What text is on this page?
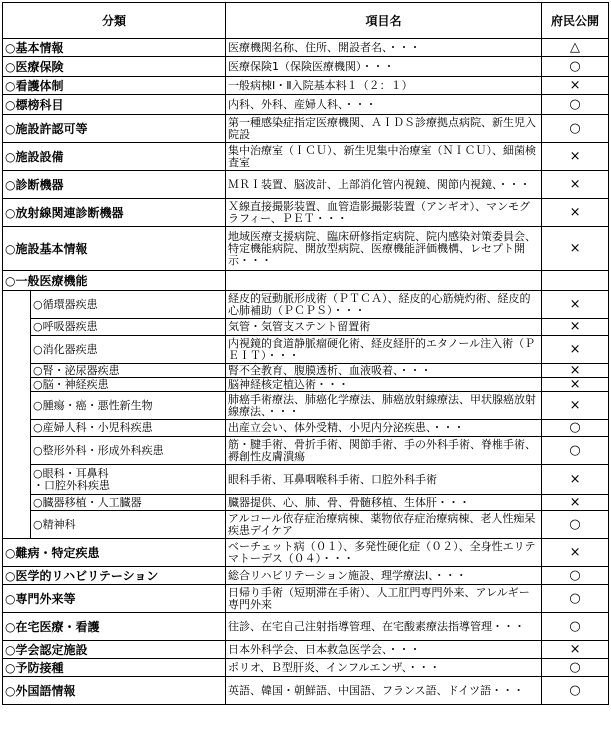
分類		項目名	府民公開
○基本情報		医療機関名称、住所、開設者名、・・・	△
○医療保険		医療保険1（保険医療機関）・・・	○
○看護体制		一般病棟Ⅰ・Ⅱ入院基本料１（２：１）	×
○標榜科目		内科、外科、産婦人科、・・・	○
○施設許認可等		第一種感染症指定医療機関、ＡＩＤＳ診療拠点病院、新生児入院設	○
○施設設備		集中治療室（ＩＣＵ）、新生児集中治療室（ＮＩＣＵ）、細菌検査室	×
○診断機器		ＭＲＩ装置、脳波計、上部消化管内視鏡、関節内視鏡、・・・	×
○放射線関連診断機器		Ｘ線直接撮影装置、血管造影撮影装置（アンギオ）、マンモグラフィー、ＰＥＴ・・・	×
○施設基本情報		地域医療支援病院、臨床研修指定病院、院内感染対策委員会、特定機能病院、開放型病院、医療機能評価機構、レセプト開示・・・	×
○一般医療機能			
	○循環器疾患	経皮的冠動脈形成術（ＰＴＣＡ）、経皮的心筋焼灼術、経皮的心肺補助（ＰＣＰＳ）・・・	×
	○呼吸器疾患	気管・気管支ステント留置術	×
	○消化器疾患	内視鏡的食道静脈瘤硬化術、経皮経肝的エタノール注入術（ＰＥＩＴ）・・・	×
	○腎・泌尿器疾患	腎不全教育、腹膜透析、血液吸着、・・・	×
	○脳・神経疾患	脳神経核定植込術・・・	×
	○腫瘍・癌・悪性新生物	肺癌手術療法、肺癌化学療法、肺癌放射線療法、甲状腺癌放射線療法、・・・	×
	○産婦人科・小児科疾患	出産立会い、体外受精、小児内分泌疾患、・・・	○
	○整形外科・形成外科疾患	筋・腱手術、骨折手術、関節手術、手の外科手術、脊椎手術、褥創性皮膚潰瘍	○
	○眼科・耳鼻科
・口腔外科疾患	眼科手術、耳鼻咽喉科手術、口腔外科手術	×
	○臓器移植・人工臓器	臓器提供、心、肺、骨、骨髄移植、生体肝・・・	×
	○精神科	アルコール依存症治療病棟、薬物依存症治療病棟、老人性痴呆疾患デイケア	○
○難病・特定疾患		ベーチェット病（０１）、多発性硬化症（０２）、全身性エリテマトーデス（０４）・・・	×
○医学的リハビリテーション		総合リハビリテーション施設、理学療法Ⅰ、・・・	○
○専門外来等		日帰り手術（短期滞在手術）、人工肛門専門外来、アレルギー専門外来	○
○在宅医療・看護		往診、在宅自己注射指導管理、在宅酸素療法指導管理・・・	○
○学会認定施設		日本外科学会、日本救急医学会、・・・	×
○予防接種		ポリオ、Ｂ型肝炎、インフルエンザ、・・・	○
○外国語情報		英語、韓国・朝鮮語、中国語、フランス語、ドイツ語・・・	○
